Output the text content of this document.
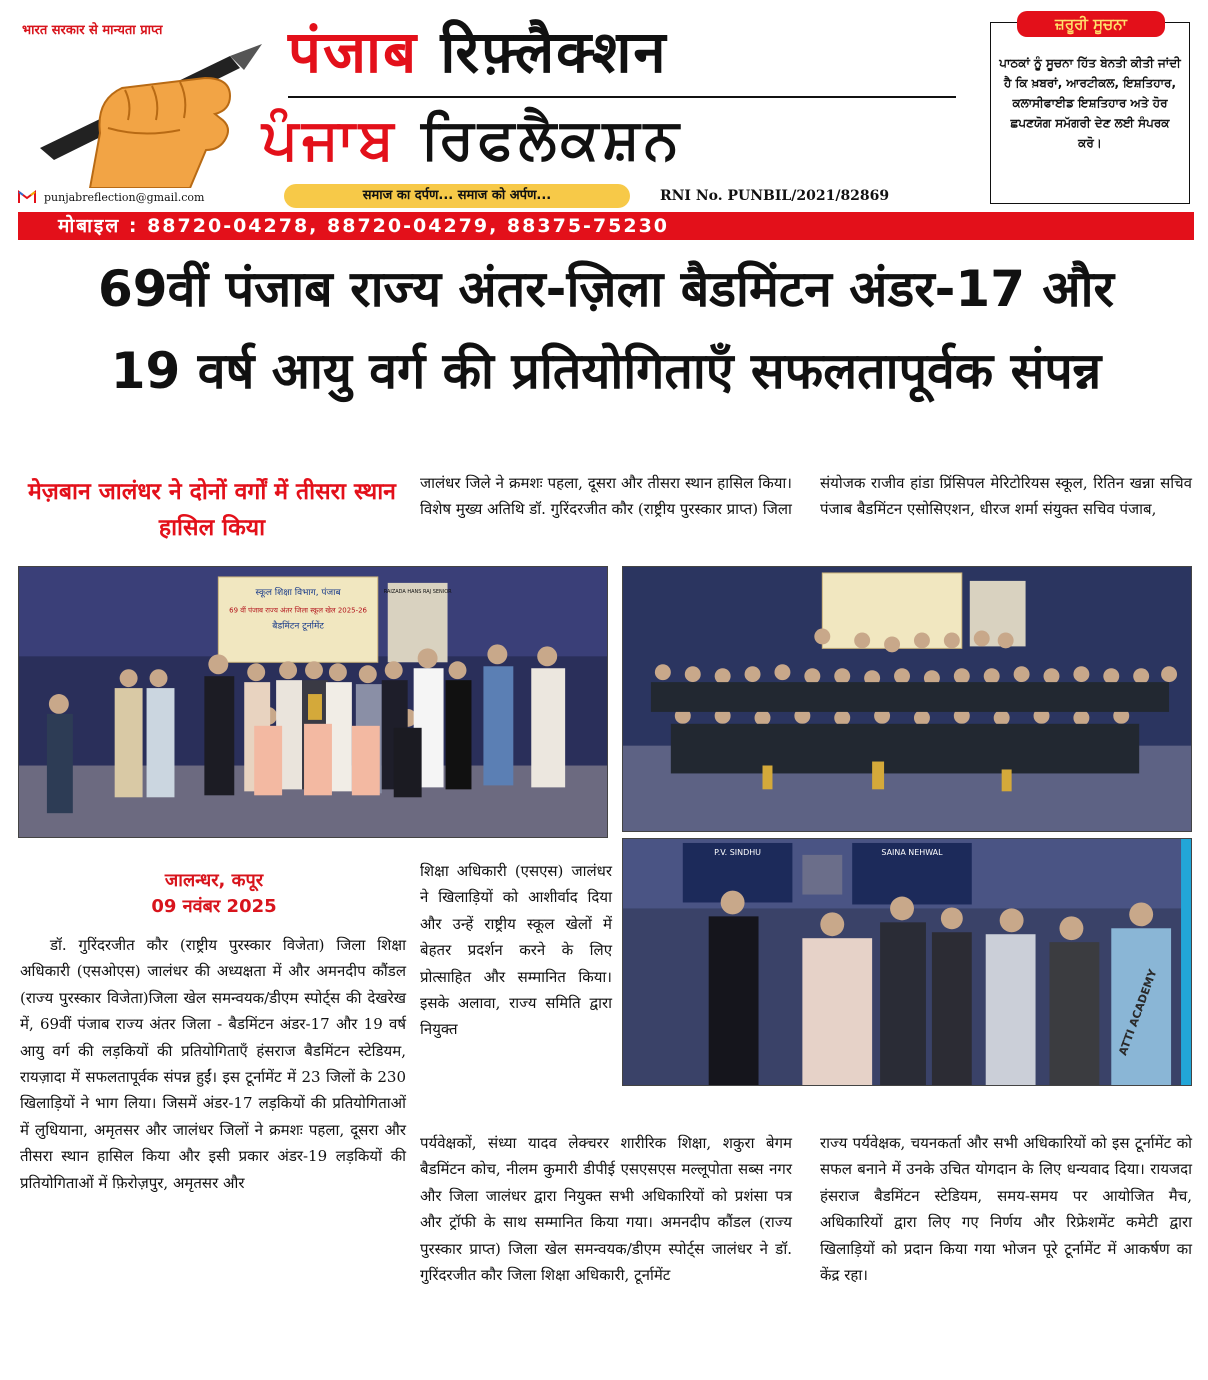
भारत सरकार से मान्यता प्राप्त पंजाब रिफ़्लैक्शन
ਪੰਜਾਬ ਰਿਫਲੈਕਸ਼ਨ
punjabreflection@gmail.com	समाज का दर्पण... समाज को अर्पण...	RNI No. PUNBIL/2021/82869
ਜ਼ਰੂਰੀ ਸੂਚਨਾ
ਪਾਠਕਾਂ ਨੂੰ ਸੂਚਨਾ ਹਿੱਤ ਬੇਨਤੀ ਕੀਤੀ ਜਾਂਦੀ ਹੈ ਕਿ ਖ਼ਬਰਾਂ, ਆਰਟੀਕਲ, ਇਸ਼ਤਿਹਾਰ, ਕਲਾਸੀਫਾਈਡ ਇਸ਼ਤਿਹਾਰ ਅਤੇ ਹੋਰ ਛਪਣਯੋਗ ਸਮੱਗਰੀ ਦੇਣ ਲਈ ਸੰਪਰਕ ਕਰੋ।
मोबाइल : 88720-04278, 88720-04279, 88375-75230
69वीं पंजाब राज्य अंतर-ज़िला बैडमिंटन अंडर-17 और
19 वर्ष आयु वर्ग की प्रतियोगिताएँ सफलतापूर्वक संपन्न
मेज़बान जालंधर ने दोनों वर्गों में तीसरा स्थान हासिल किया
जालंधर जिले ने क्रमशः पहला, दूसरा और तीसरा स्थान हासिल किया।विशेष मुख्य अतिथि डॉ. गुरिंदरजीत कौर (राष्ट्रीय पुरस्कार प्राप्त) जिला
संयोजक राजीव हांडा प्रिंसिपल मेरिटोरियस स्कूल, रितिन खन्ना सचिव पंजाब बैडमिंटन एसोसिएशन, धीरज शर्मा संयुक्त सचिव पंजाब,
स्कूल शिक्षा विभाग, पंजाब
69 वीं पंजाब राज्य अंतर जिला स्कूल खेल 2025-26
बैडमिंटन टूर्नामेंट
RAIZADA HANS RAJ SENIOR
P.V. SINDHU	SAINA NEHWAL
ATTI ACADEMY
जालन्धर, कपूर
09 नवंबर 2025
डॉ. गुरिंदरजीत कौर (राष्ट्रीय पुरस्कार विजेता) जिला शिक्षा अधिकारी (एसओएस) जालंधर की अध्यक्षता में और अमनदीप कौंडल (राज्य पुरस्कार विजेता)जिला खेल समन्वयक/डीएम स्पोर्ट्स की देखरेख में, 69वीं पंजाब राज्य अंतर जिला - बैडमिंटन अंडर-17 और 19 वर्ष आयु वर्ग की लड़कियों की प्रतियोगिताएँ हंसराज बैडमिंटन स्टेडियम, रायज़ादा में सफलतापूर्वक संपन्न हुईं। इस टूर्नामेंट में 23 जिलों के 230 खिलाड़ियों ने भाग लिया। जिसमें अंडर-17 लड़कियों की प्रतियोगिताओं में लुधियाना, अमृतसर और जालंधर जिलों ने क्रमशः पहला, दूसरा और तीसरा स्थान हासिल किया और इसी प्रकार अंडर-19 लड़कियों की प्रतियोगिताओं में फ़िरोज़पुर, अमृतसर और
शिक्षा अधिकारी (एसएस) जालंधर ने खिलाड़ियों को आशीर्वाद दिया और उन्हें राष्ट्रीय स्कूल खेलों में बेहतर प्रदर्शन करने के लिए प्रोत्साहित और सम्मानित किया। इसके अलावा, राज्य समिति द्वारा नियुक्त
पर्यवेक्षकों, संध्या यादव लेक्चरर शारीरिक शिक्षा, शकुरा बेगम बैडमिंटन कोच, नीलम कुमारी डीपीई एसएसएस मल्लूपोता सब्स नगर और जिला जालंधर द्वारा नियुक्त सभी अधिकारियों को प्रशंसा पत्र और ट्रॉफी के साथ सम्मानित किया गया। अमनदीप कौंडल (राज्य पुरस्कार प्राप्त) जिला खेल समन्वयक/डीएम स्पोर्ट्स जालंधर ने डॉ. गुरिंदरजीत कौर जिला शिक्षा अधिकारी, टूर्नामेंट
राज्य पर्यवेक्षक, चयनकर्ता और सभी अधिकारियों को इस टूर्नामेंट को सफल बनाने में उनके उचित योगदान के लिए धन्यवाद दिया। रायजदा हंसराज बैडमिंटन स्टेडियम, समय-समय पर आयोजित मैच, अधिकारियों द्वारा लिए गए निर्णय और रिफ्रेशमेंट कमेटी द्वारा खिलाड़ियों को प्रदान किया गया भोजन पूरे टूर्नामेंट में आकर्षण का केंद्र रहा।
